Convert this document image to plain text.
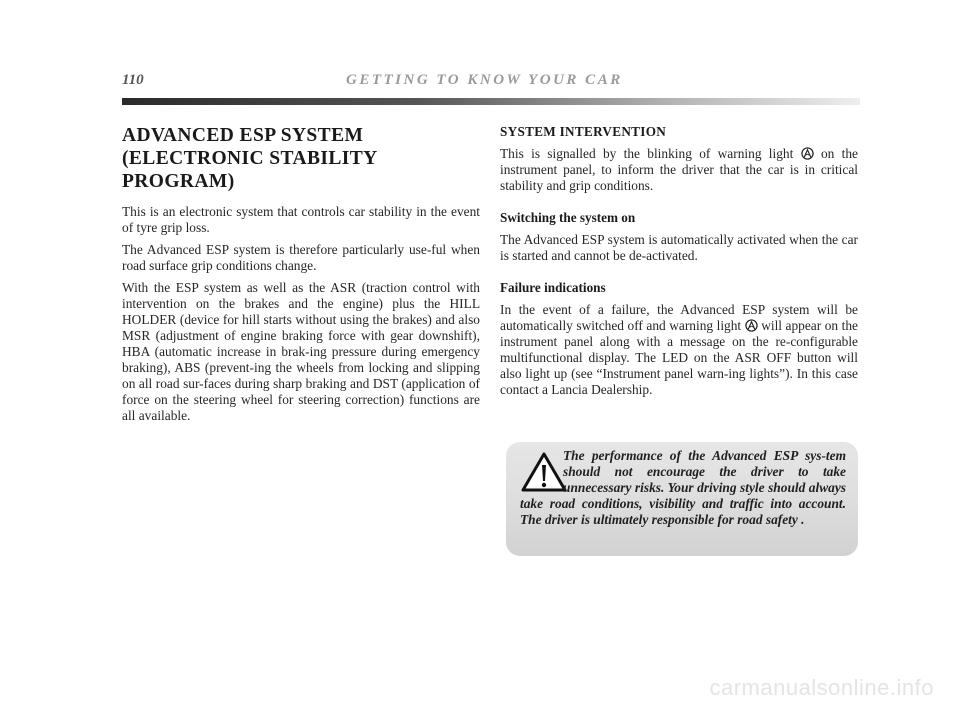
110	GETTING TO KNOW YOUR CAR
ADVANCED ESP SYSTEM
(ELECTRONIC STABILITY
PROGRAM)

This is an electronic system that controls car stability in the event of tyre grip loss.

The Advanced ESP system is therefore particularly use-ful when road surface grip conditions change.

With the ESP system as well as the ASR (traction control with intervention on the brakes and the engine) plus the HILL HOLDER (device for hill starts without using the brakes) and also MSR (adjustment of engine braking force with gear downshift), HBA (automatic increase in brak-ing pressure during emergency braking), ABS (prevent-ing the wheels from locking and slipping on all road sur-faces during sharp braking and DST (application of force on the steering wheel for steering correction) functions are all available.

SYSTEM INTERVENTION

This is signalled by the blinking of warning light on the instrument panel, to inform the driver that the car is in critical stability and grip conditions.

Switching the system on

The Advanced ESP system is automatically activated when the car is started and cannot be de-activated.

Failure indications

In the event of a failure, the Advanced ESP system will be automatically switched off and warning light will appear on the instrument panel along with a message on the re-configurable multifunctional display. The LED on the ASR OFF button will also light up (see “Instrument panel warn-ing lights”). In this case contact a Lancia Dealership.

The performance of the Advanced ESP sys-tem should not encourage the driver to take unnecessary risks. Your driving style should always take road conditions, visibility and traffic into account. The driver is ultimately responsible for road safety .
carmanualsonline.info
